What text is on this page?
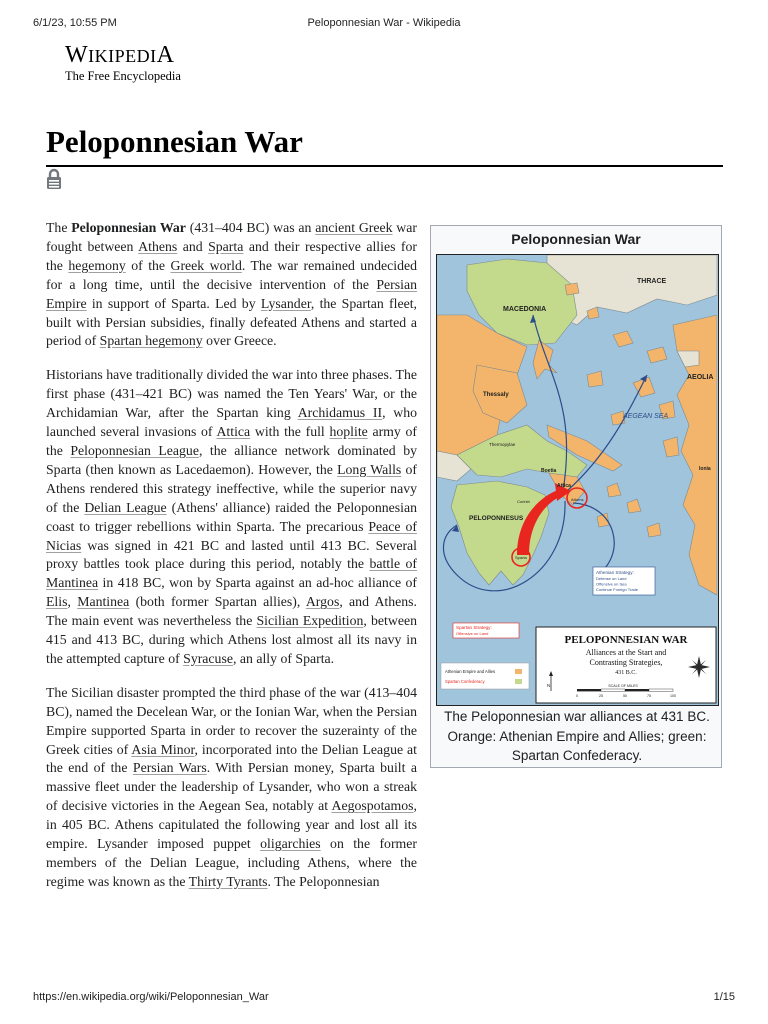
6/1/23, 10:55 PM	Peloponnesian War - Wikipedia
WIKIPEDIA
The Free Encyclopedia
Peloponnesian War

The Peloponnesian War (431–404 BC) was an ancient Greek war fought between Athens and Sparta and their respective allies for the hegemony of the Greek world. The war remained undecided for a long time, until the decisive intervention of the Persian Empire in support of Sparta. Led by Lysander, the Spartan fleet, built with Persian subsidies, finally defeated Athens and started a period of Spartan hegemony over Greece.

Historians have traditionally divided the war into three phases. The first phase (431–421 BC) was named the Ten Years' War, or the Archidamian War, after the Spartan king Archidamus II, who launched several invasions of Attica with the full hoplite army of the Peloponnesian League, the alliance network dominated by Sparta (then known as Lacedaemon). However, the Long Walls of Athens rendered this strategy ineffective, while the superior navy of the Delian League (Athens' alliance) raided the Peloponnesian coast to trigger rebellions within Sparta. The precarious Peace of Nicias was signed in 421 BC and lasted until 413 BC. Several proxy battles took place during this period, notably the battle of Mantinea in 418 BC, won by Sparta against an ad-hoc alliance of Elis, Mantinea (both former Spartan allies), Argos, and Athens. The main event was nevertheless the Sicilian Expedition, between 415 and 413 BC, during which Athens lost almost all its navy in the attempted capture of Syracuse, an ally of Sparta.

The Sicilian disaster prompted the third phase of the war (413–404 BC), named the Decelean War, or the Ionian War, when the Persian Empire supported Sparta in order to recover the suzerainty of the Greek cities of Asia Minor, incorporated into the Delian League at the end of the Persian Wars. With Persian money, Sparta built a massive fleet under the leadership of Lysander, who won a streak of decisive victories in the Aegean Sea, notably at Aegospotamos, in 405 BC. Athens capitulated the following year and lost all its empire. Lysander imposed puppet oligarchies on the former members of the Delian League, including Athens, where the regime was known as the Thirty Tyrants. The Peloponnesian

Peloponnesian War
THRACE
MACEDONIA
AEOLIA
Thessaly
AEGEAN SEA
Thermopylae
Boetia	Ionia
Attica
Athens
Corinth
PELOPONNESUS
Sparta
Athenian Strategy:
Defense on Land
Offensive on Sea
Continue Foreign Trade
Spartan Strategy:
Offensive on Land
PELOPONNESIAN WAR
Alliances at the Start and
Contrasting Strategies,
431 B.C.
SCALE OF MILES
0	25	50	75	100
Athenian Empire and Allies
Spartan Confederacy
N
The Peloponnesian war alliances at 431 BC. Orange: Athenian Empire and Allies; green: Spartan Confederacy.
https://en.wikipedia.org/wiki/Peloponnesian_War	1/15
